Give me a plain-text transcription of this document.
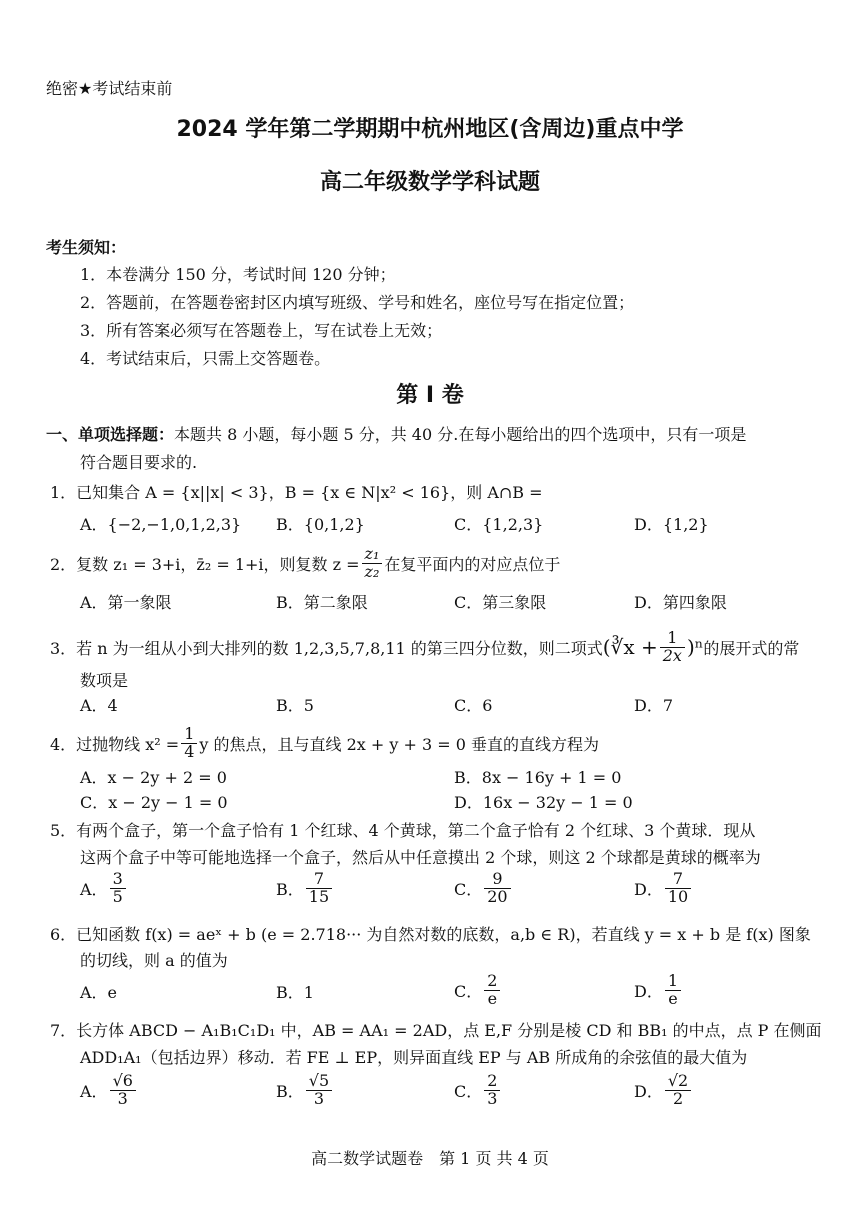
绝密★考试结束前
2024 学年第二学期期中杭州地区(含周边)重点中学
高二年级数学学科试题
考生须知：
1．本卷满分 150 分，考试时间 120 分钟；
2．答题前，在答题卷密封区内填写班级、学号和姓名，座位号写在指定位置；
3．所有答案必须写在答题卷上，写在试卷上无效；
4．考试结束后，只需上交答题卷。
第 I 卷
一、单项选择题：本题共 8 小题，每小题 5 分，共 40 分.在每小题给出的四个选项中，只有一项是
符合题目要求的.
1．已知集合 A = {x||x| < 3}，B = {x ∈ N|x² < 16}，则 A∩B =
A．{−2,−1,0,1,2,3} B．{0,1,2}	C．{1,2,3}	D．{1,2}
2．复数 z₁ = 3+i，z̄₂ = 1+i，则复数 $z = \frac{\text{z₁}}{\text{z₂}}$ 在复平面内的对应点位于
A．第一象限	B．第二象限	C．第三象限	D．第四象限
3．若 n 为一组从小到大排列的数 1,2,3,5,7,8,11 的第三四分位数，则二项式 (∛x + $\frac{1}{2x} )^n$ 的展开式的常
数项是
A．4	B．5	C．6	D．7
4．过抛物线 $x^2 = \frac{1}{4}$ y 的焦点，且与直线 2x + y + 3 = 0 垂直的直线方程为
A．x − 2y + 2 = 0	B．8x − 16y + 1 = 0
C．x − 2y − 1 = 0	D．16x − 32y − 1 = 0
5．有两个盒子，第一个盒子恰有 1 个红球、4 个黄球，第二个盒子恰有 2 个红球、3 个黄球．现从
这两个盒子中等可能地选择一个盒子，然后从中任意摸出 2 个球，则这 2 个球都是黄球的概率为
A． $\frac{3}{5}$	B． $\frac{7}{15}$	C． $\frac{9}{20}$	D． $\frac{7}{10}$
6．已知函数 f(x) = aeˣ + b (e = 2.718··· 为自然对数的底数，a,b ∈ R)，若直线 y = x + b 是 f(x) 图象
的切线，则 a 的值为
A．e	B．1	C． $\frac{2}{e}$	D． $\frac{1}{e}$
7．长方体 ABCD − A₁B₁C₁D₁ 中，AB = AA₁ = 2AD，点 E,F 分别是棱 CD 和 BB₁ 的中点，点 P 在侧面
ADD₁A₁（包括边界）移动．若 FE ⊥ EP，则异面直线 EP 与 AB 所成角的余弦值的最大值为
A． $\frac{√6}{3}$	B． $\frac{√5}{3}$	C． $\frac{2}{3}$	D． $\frac{√2}{2}$
高二数学试题卷　第 1 页 共 4 页
